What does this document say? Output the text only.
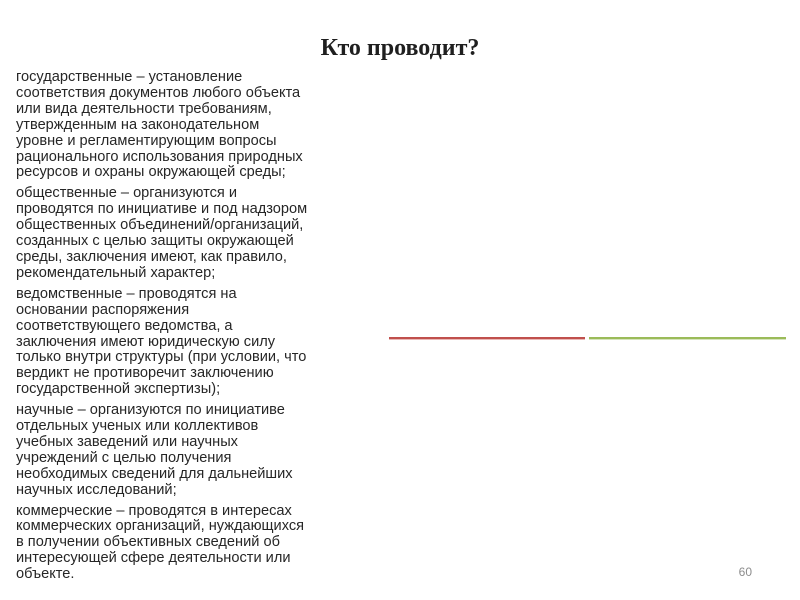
Кто проводит?
государственные – установление
соответствия документов любого объекта
или вида деятельности требованиям,
утвержденным на законодательном
уровне и регламентирующим вопросы
рационального использования природных
ресурсов и охраны окружающей среды;
общественные – организуются и
проводятся по инициативе и под надзором
общественных объединений/организаций,
созданных с целью защиты окружающей
среды, заключения имеют, как правило,
рекомендательный характер;
ведомственные – проводятся на
основании распоряжения
соответствующего ведомства, а
заключения имеют юридическую силу
только внутри структуры (при условии, что
вердикт не противоречит заключению
государственной экспертизы);
научные – организуются по инициативе
отдельных ученых или коллективов
учебных заведений или научных
учреждений с целью получения
необходимых сведений для дальнейших
научных исследований;
коммерческие – проводятся в интересах
коммерческих организаций, нуждающихся
в получении объективных сведений об
интересующей сфере деятельности или
объекте.	60
